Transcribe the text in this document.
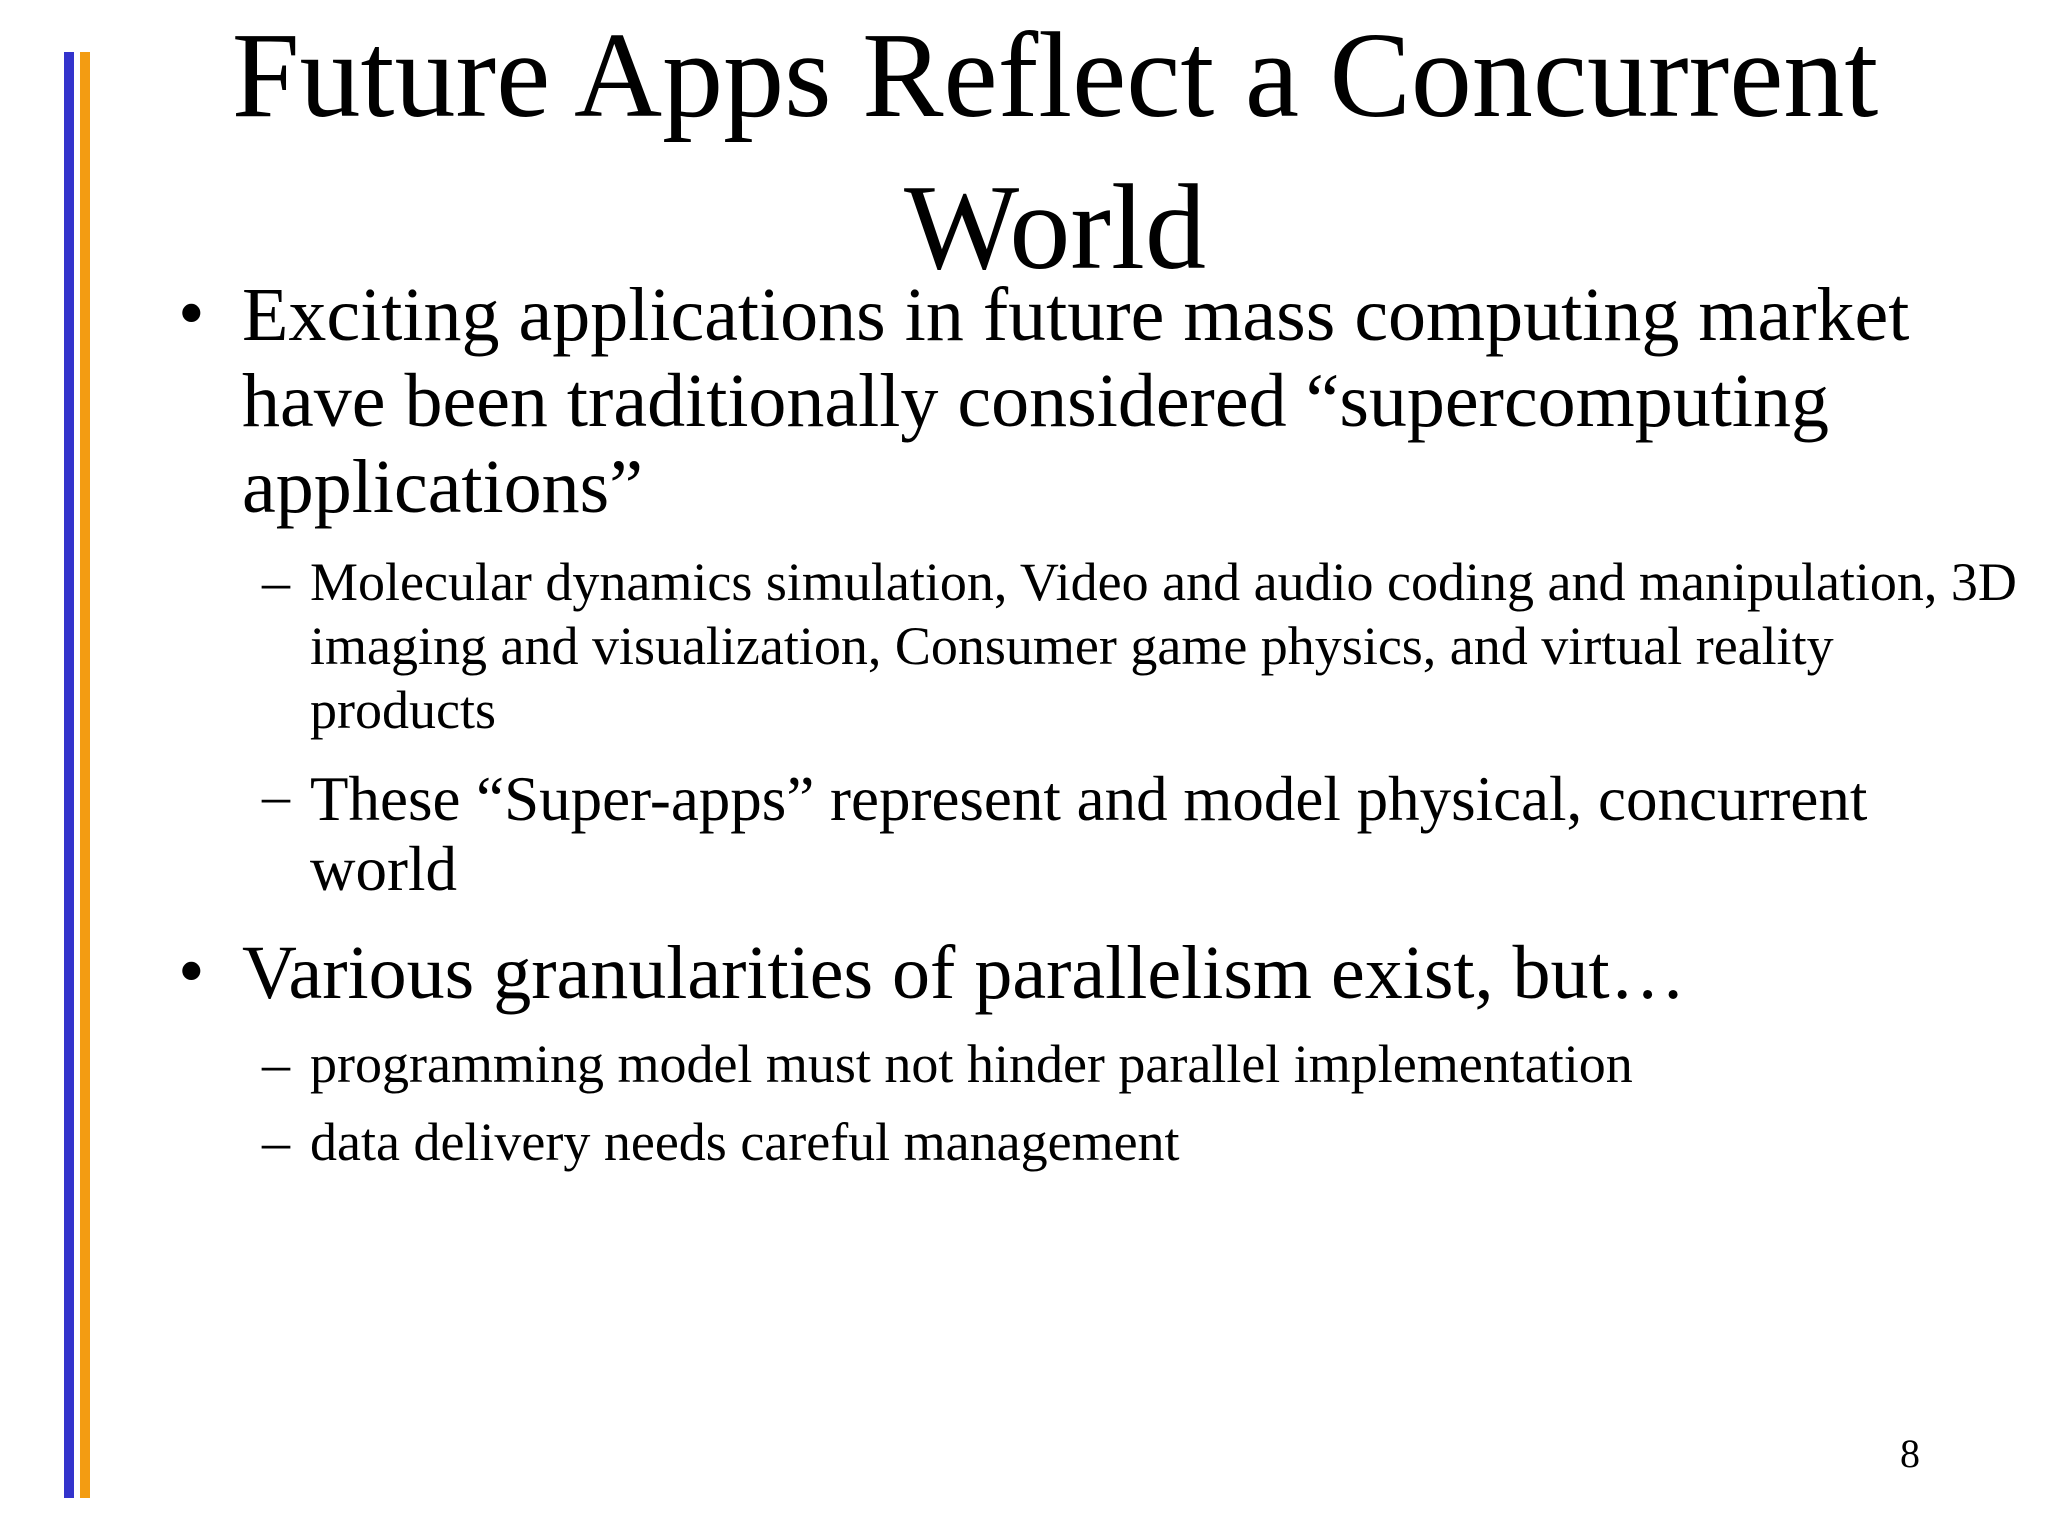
Future Apps Reflect a Concurrent
World
• Exciting applications in future mass computing market have been traditionally considered “supercomputing applications”
– Molecular dynamics simulation, Video and audio coding and manipulation, 3D imaging and visualization, Consumer game physics, and virtual reality products
– These “Super-apps” represent and model physical, concurrent world
• Various granularities of parallelism exist, but…
– programming model must not hinder parallel implementation
– data delivery needs careful management
8
